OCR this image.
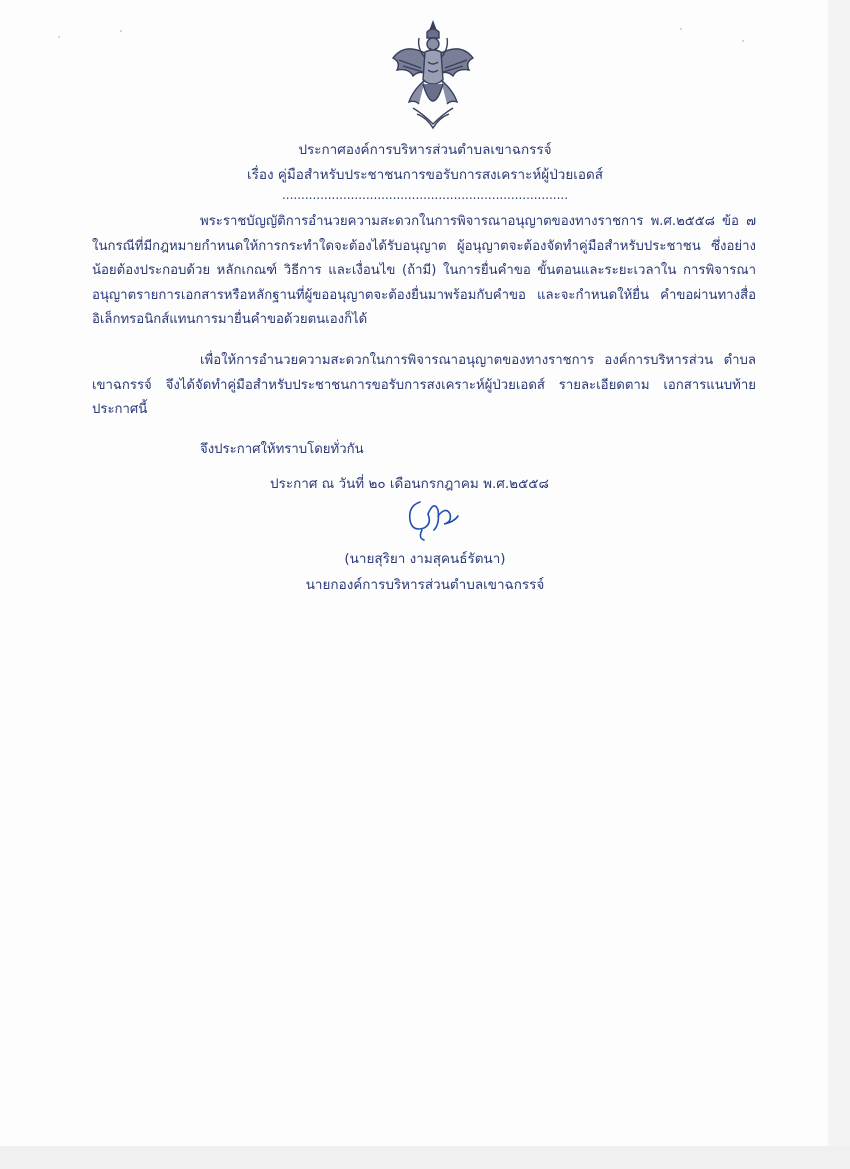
ประกาศองค์การบริหารส่วนตำบลเขาฉกรรจ์
เรื่อง คู่มือสำหรับประชาชนการขอรับการสงเคราะห์ผู้ป่วยเอดส์
...........................................................................

พระราชบัญญัติการอำนวยความสะดวกในการพิจารณาอนุญาตของทางราชการ พ.ศ.๒๕๕๘ ข้อ ๗ ในกรณีที่มีกฎหมายกำหนดให้การกระทำใดจะต้องได้รับอนุญาต ผู้อนุญาตจะต้องจัดทำคู่มือสำหรับประชาชน ซึ่งอย่างน้อยต้องประกอบด้วย หลักเกณฑ์ วิธีการ และเงื่อนไข (ถ้ามี) ในการยื่นคำขอ ขั้นตอนและระยะเวลาใน การพิจารณาอนุญาตรายการเอกสารหรือหลักฐานที่ผู้ขออนุญาตจะต้องยื่นมาพร้อมกับคำขอ และจะกำหนดให้ยื่น คำขอผ่านทางสื่ออิเล็กทรอนิกส์แทนการมายื่นคำขอด้วยตนเองก็ได้

เพื่อให้การอำนวยความสะดวกในการพิจารณาอนุญาตของทางราชการ องค์การบริหารส่วน ตำบลเขาฉกรรจ์ จึงได้จัดทำคู่มือสำหรับประชาชนการขอรับการสงเคราะห์ผู้ป่วยเอดส์ รายละเอียดตาม เอกสารแนบท้ายประกาศนี้

จึงประกาศให้ทราบโดยทั่วกัน

ประกาศ ณ วันที่ ๒๐ เดือนกรกฎาคม พ.ศ.๒๕๕๘
(นายสุริยา งามสุคนธ์รัตนา)
นายกองค์การบริหารส่วนตำบลเขาฉกรรจ์
